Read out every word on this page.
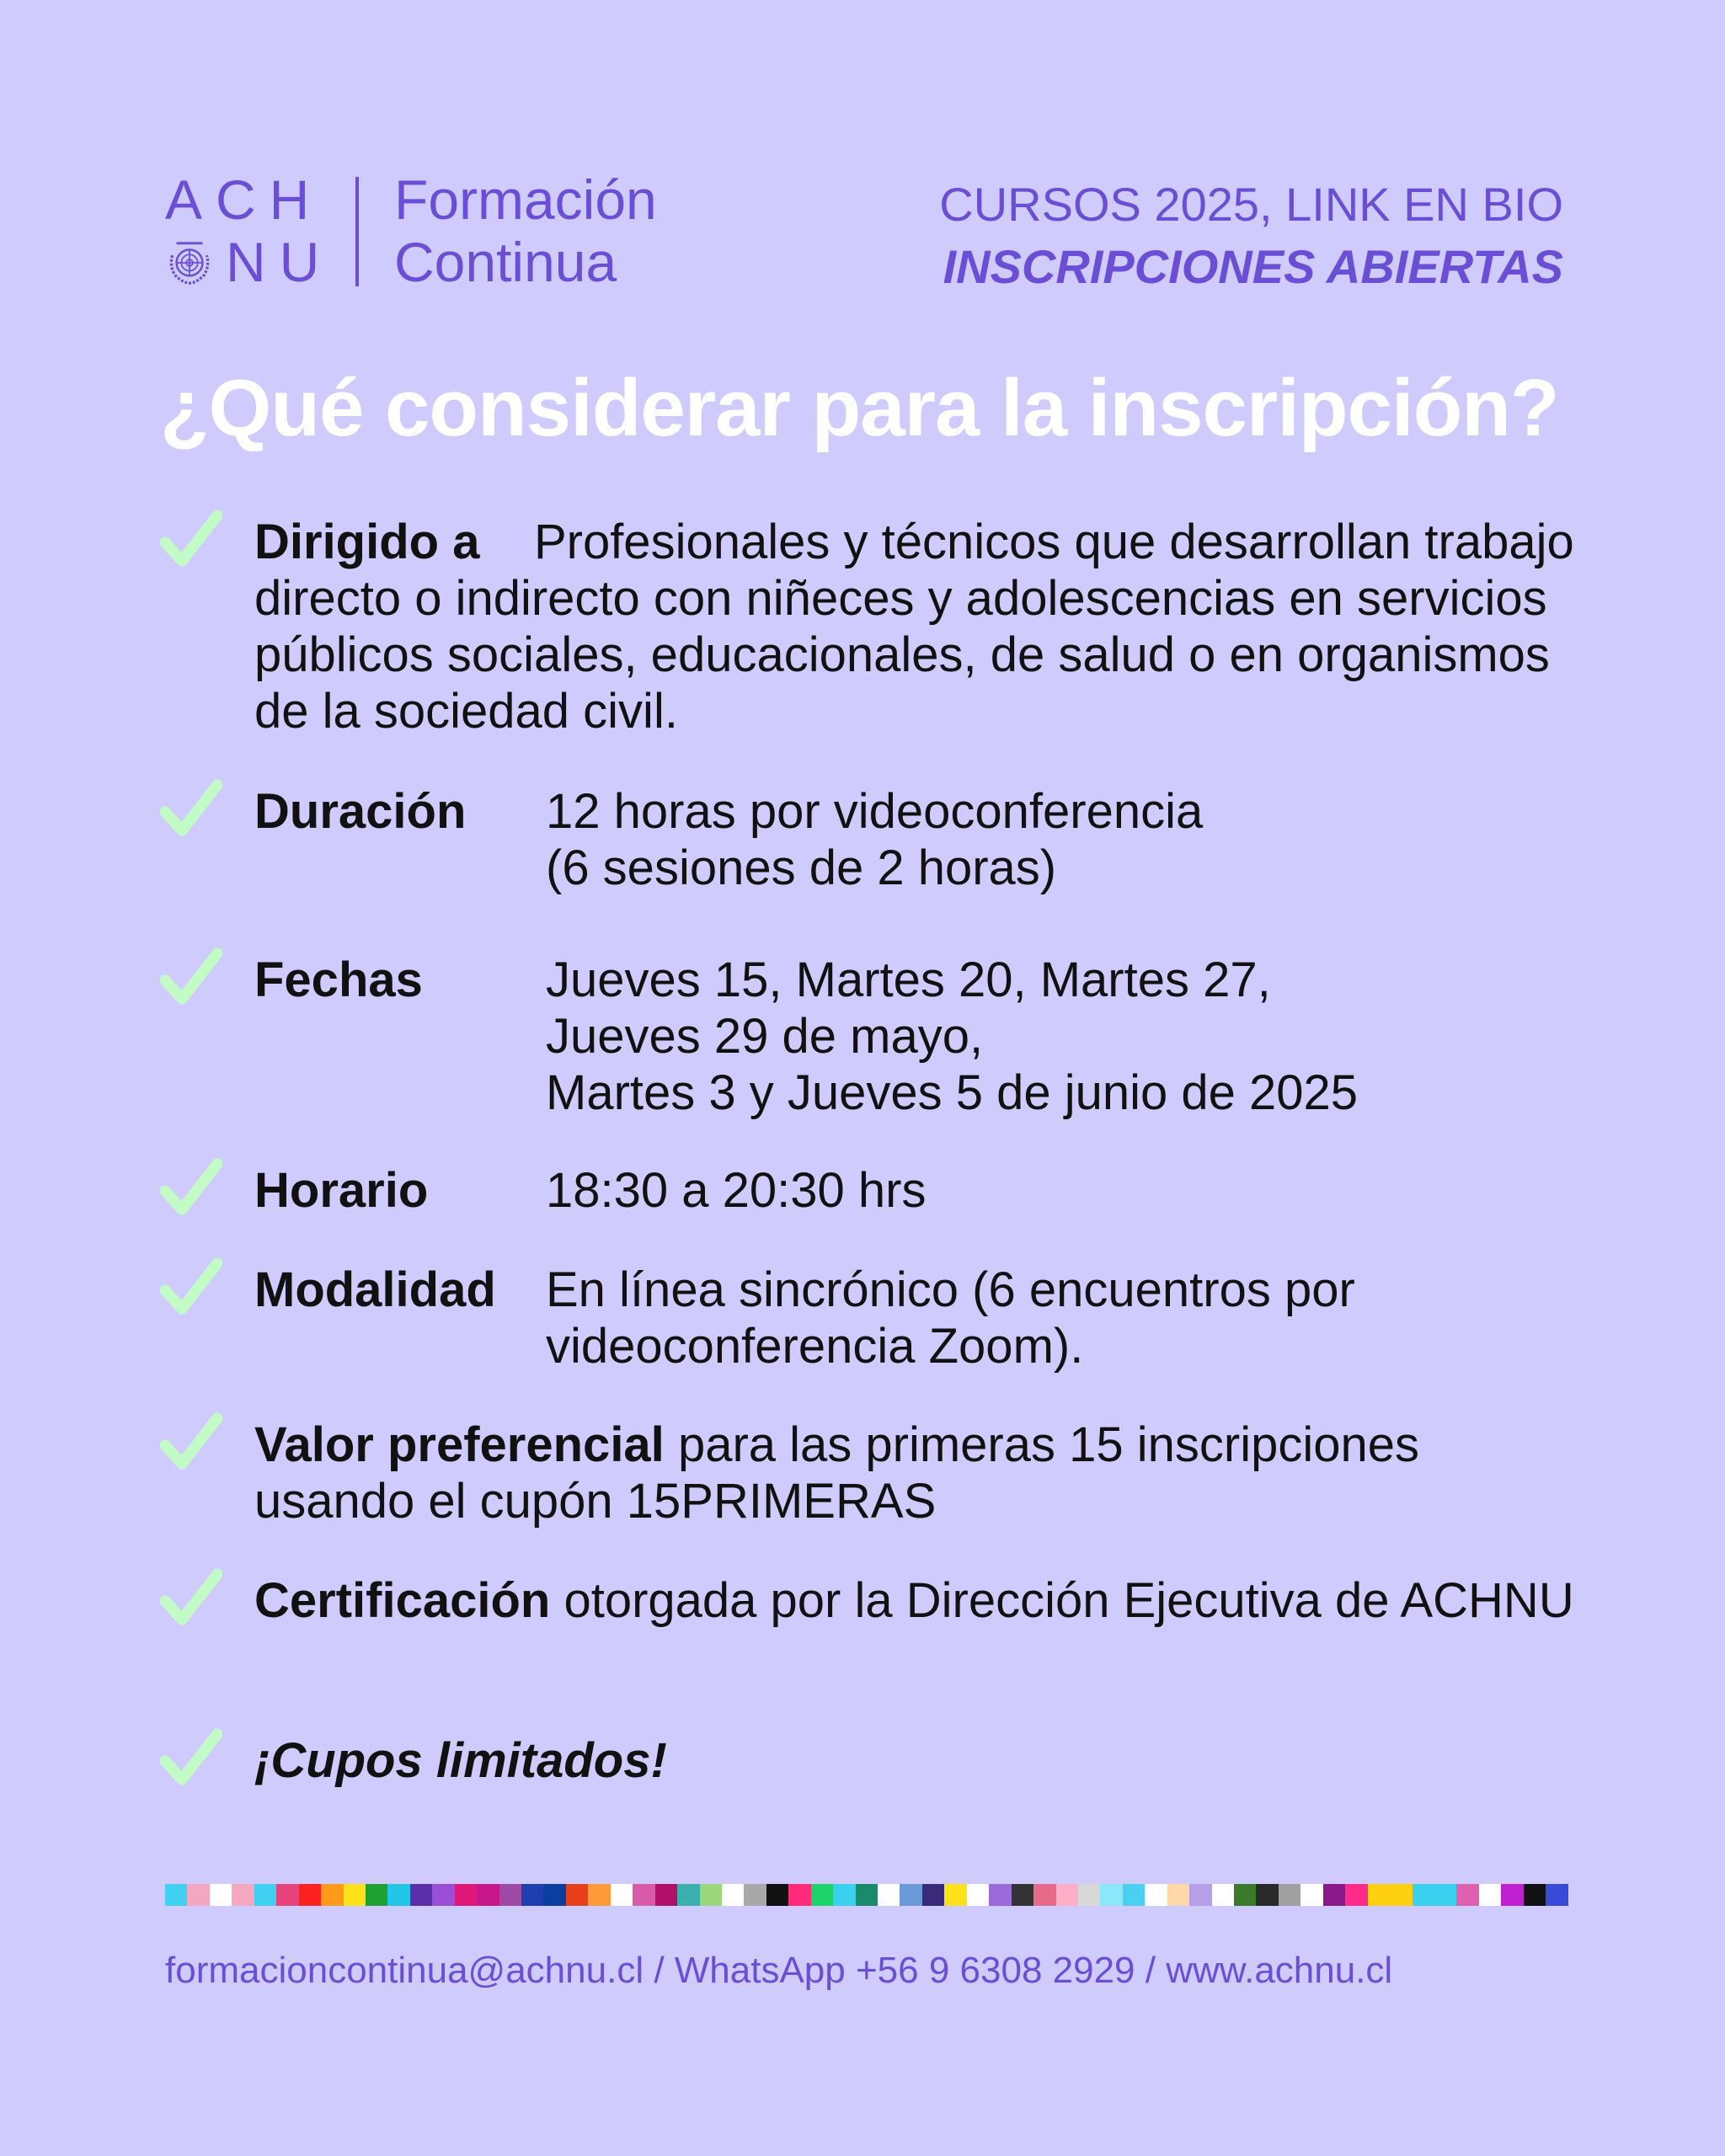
ACH
NU
Formación
Continua
CURSOS 2025, LINK EN BIO
INSCRIPCIONES ABIERTAS
¿Qué considerar para la inscripción?
Dirigido a Profesionales y técnicos que desarrollan trabajo directo o indirecto con niñeces y adolescencias en servicios públicos sociales, educacionales, de salud o en organismos de la sociedad civil.
Duración	12 horas por videoconferencia
(6 sesiones de 2 horas)
Fechas	Jueves 15, Martes 20, Martes 27,
Jueves 29 de mayo,
Martes 3 y Jueves 5 de junio de 2025
Horario	18:30 a 20:30 hrs
Modalidad	En línea sincrónico (6 encuentros por
videoconferencia Zoom).
Valor preferencial para las primeras 15 inscripciones usando el cupón 15PRIMERAS
Certificación otorgada por la Dirección Ejecutiva de ACHNU
¡Cupos limitados!
formacioncontinua@achnu.cl / WhatsApp +56 9 6308 2929 / www.achnu.cl
